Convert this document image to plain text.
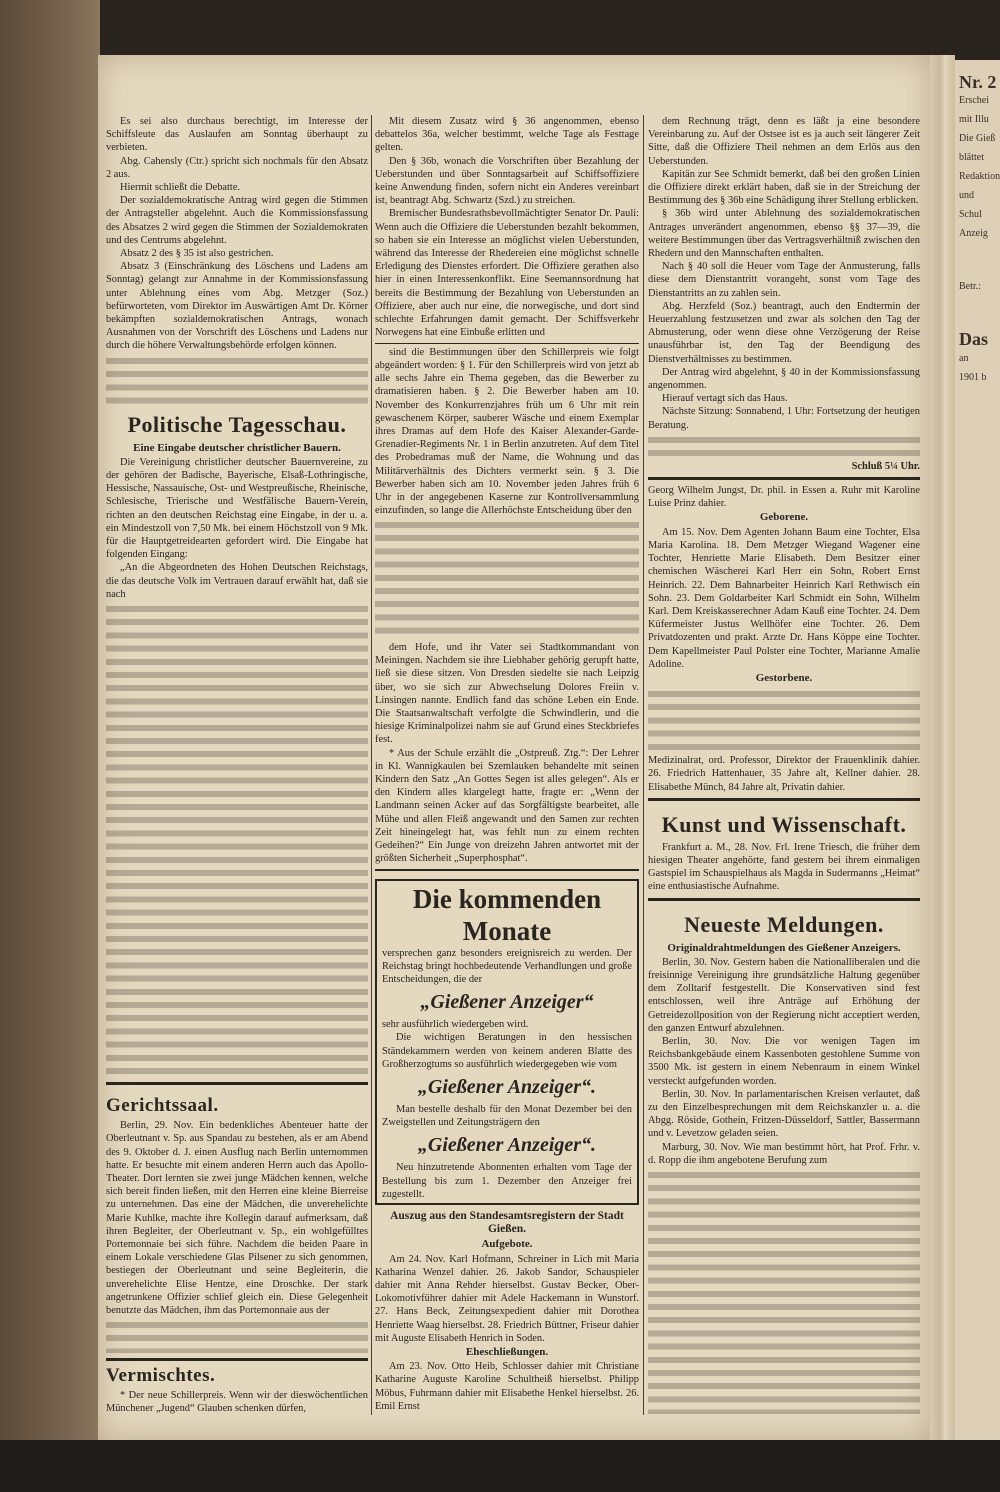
Nr. 2
Erschei
mit Illu
Die Gieß
blättet
Redaktion
und
Schul
Anzeig
Betr.:
Das
an
1901 b

Es sei also durchaus berechtigt, im Interesse der Schiffsleute das Auslaufen am Sonntag überhaupt zu verbieten.

Abg. Cahensly (Ctr.) spricht sich nochmals für den Absatz 2 aus.

Hiermit schließt die Debatte.

Der sozialdemokratische Antrag wird gegen die Stimmen der Antragsteller abgelehnt. Auch die Kommissionsfassung des Absatzes 2 wird gegen die Stimmen der Sozialdemokraten und des Centrums abgelehnt.

Absatz 2 des § 35 ist also gestrichen.

Absatz 3 (Einschränkung des Löschens und Ladens am Sonntag) gelangt zur Annahme in der Kommissionsfassung unter Ablehnung eines vom Abg. Metzger (Soz.) befürworteten, vom Direktor im Auswärtigen Amt Dr. Körner bekämpften sozialdemokratischen Antrags, wonach Ausnahmen von der Vorschrift des Löschens und Ladens nur durch die höhere Verwaltungsbehörde erfolgen können.

Politische Tagesschau.
Eine Eingabe deutscher christlicher Bauern.

Die Vereinigung christlicher deutscher Bauernvereine, zu der gehören der Badische, Bayerische, Elsaß-Lothringische, Hessische, Nassauische, Ost- und Westpreußische, Rheinische, Schlesische, Trierische und Westfälische Bauern-Verein, richten an den deutschen Reichstag eine Eingabe, in der u. a. ein Mindestzoll von 7,50 Mk. bei einem Höchstzoll von 9 Mk. für die Hauptgetreidearten gefordert wird. Die Eingabe hat folgenden Eingang:

„An die Abgeordneten des Hohen Deutschen Reichstags, die das deutsche Volk im Vertrauen darauf erwählt hat, daß sie nach

Gerichtssaal.

Berlin, 29. Nov. Ein bedenkliches Abenteuer hatte der Oberleutnant v. Sp. aus Spandau zu bestehen, als er am Abend des 9. Oktober d. J. einen Ausflug nach Berlin unternommen hatte. Er besuchte mit einem anderen Herrn auch das Apollo-Theater. Dort lernten sie zwei junge Mädchen kennen, welche sich bereit finden ließen, mit den Herren eine kleine Bierreise zu unternehmen. Das eine der Mädchen, die unverehelichte Marie Kuhlke, machte ihre Kollegin darauf aufmerksam, daß ihren Begleiter, der Oberleutnant v. Sp., ein wohlgefülltes Portemonnaie bei sich führe. Nachdem die beiden Paare in einem Lokale verschiedene Glas Pilsener zu sich genommen, bestiegen der Oberleutnant und seine Begleiterin, die unverehelichte Elise Hentze, eine Droschke. Der stark angetrunkene Offizier schlief gleich ein. Diese Gelegenheit benutzte das Mädchen, ihm das Portemonnaie aus der

Vermischtes.

* Der neue Schillerpreis. Wenn wir der dieswöchentlichen Münchener „Jugend“ Glauben schenken dürfen,

Mit diesem Zusatz wird § 36 angenommen, ebenso debattelos 36a, welcher bestimmt, welche Tage als Festtage gelten.

Den § 36b, wonach die Vorschriften über Bezahlung der Ueberstunden und über Sonntagsarbeit auf Schiffsoffiziere keine Anwendung finden, sofern nicht ein Anderes vereinbart ist, beantragt Abg. Schwartz (Szd.) zu streichen.

Bremischer Bundesrathsbevollmächtigter Senator Dr. Pauli: Wenn auch die Offiziere die Ueberstunden bezahlt bekommen, so haben sie ein Interesse an möglichst vielen Ueberstunden, während das Interesse der Rhedereien eine möglichst schnelle Erledigung des Dienstes erfordert. Die Offiziere gerathen also hier in einen Interessenkonflikt. Eine Seemannsordnung hat bereits die Bestimmung der Bezahlung von Ueberstunden an Offiziere, aber auch nur eine, die norwegische, und dort sind schlechte Erfahrungen damit gemacht. Der Schiffsverkehr Norwegens hat eine Einbuße erlitten und

sind die Bestimmungen über den Schillerpreis wie folgt abgeändert worden: § 1. Für den Schillerpreis wird von jetzt ab alle sechs Jahre ein Thema gegeben, das die Bewerber zu dramatisieren haben. § 2. Die Bewerber haben am 10. November des Konkurrenzjahres früh um 6 Uhr mit rein gewaschenem Körper, sauberer Wäsche und einem Exemplar ihres Dramas auf dem Hofe des Kaiser Alexander-Garde-Grenadier-Regiments Nr. 1 in Berlin anzutreten. Auf dem Titel des Probedramas muß der Name, die Wohnung und das Militärverhältnis des Dichters vermerkt sein. § 3. Die Bewerber haben sich am 10. November jeden Jahres früh 6 Uhr in der angegebenen Kaserne zur Kontrollversammlung einzufinden, so lange die Allerhöchste Entscheidung über den

dem Hofe, und ihr Vater sei Stadtkommandant von Meiningen. Nachdem sie ihre Liebhaber gehörig gerupft hatte, ließ sie diese sitzen. Von Dresden siedelte sie nach Leipzig über, wo sie sich zur Abwechselung Dolores Freiin v. Linsingen nannte. Endlich fand das schöne Leben ein Ende. Die Staatsanwaltschaft verfolgte die Schwindlerin, und die hiesige Kriminalpolizei nahm sie auf Grund eines Steckbriefes fest.

* Aus der Schule erzählt die „Ostpreuß. Ztg.“: Der Lehrer in Kl. Wannigkaulen bei Szemlauken behandelte mit seinen Kindern den Satz „An Gottes Segen ist alles gelegen“. Als er den Kindern alles klargelegt hatte, fragte er: „Wenn der Landmann seinen Acker auf das Sorgfältigste bearbeitet, alle Mühe und allen Fleiß angewandt und den Samen zur rechten Zeit hineingelegt hat, was fehlt nun zu einem rechten Gedeihen?“ Ein Junge von dreizehn Jahren antwortet mit der größten Sicherheit „Superphosphat“.

Die kommenden Monate
versprechen ganz besonders ereignisreich zu werden. Der Reichstag bringt hochbedeutende Verhandlungen und große Entscheidungen, die der
„Gießener Anzeiger“
sehr ausführlich wiedergeben wird.

Die wichtigen Beratungen in den hessischen Ständekammern werden von keinem anderen Blatte des Großherzogtums so ausführlich wiedergegeben wie vom

„Gießener Anzeiger“.

Man bestelle deshalb für den Monat Dezember bei den Zweigstellen und Zeitungsträgern den

„Gießener Anzeiger“.

Neu hinzutretende Abonnenten erhalten vom Tage der Bestellung bis zum 1. Dezember den Anzeiger frei zugestellt.

Auszug aus den Standesamtsregistern der Stadt Gießen.
Aufgebote.

Am 24. Nov. Karl Hofmann, Schreiner in Lich mit Maria Katharina Wenzel dahier. 26. Jakob Sandor, Schauspieler dahier mit Anna Rehder hierselbst. Gustav Becker, Ober-Lokomotivführer dahier mit Adele Hackemann in Wunstorf. 27. Hans Beck, Zeitungsexpedient dahier mit Dorothea Henriette Waag hierselbst. 28. Friedrich Büttner, Friseur dahier mit Auguste Elisabeth Henrich in Soden.

Eheschließungen.

Am 23. Nov. Otto Heib, Schlosser dahier mit Christiane Katharine Auguste Karoline Schultheiß hierselbst. Philipp Möbus, Fuhrmann dahier mit Elisabethe Henkel hierselbst. 26. Emil Ernst

dem Rechnung trägt, denn es läßt ja eine besondere Vereinbarung zu. Auf der Ostsee ist es ja auch seit längerer Zeit Sitte, daß die Offiziere Theil nehmen an dem Erlös aus den Ueberstunden.

Kapitän zur See Schmidt bemerkt, daß bei den großen Linien die Offiziere direkt erklärt haben, daß sie in der Streichung der Bestimmung des § 36b eine Schädigung ihrer Stellung erblicken.

§ 36b wird unter Ablehnung des sozialdemokratischen Antrages unverändert angenommen, ebenso §§ 37—39, die weitere Bestimmungen über das Vertragsverhältniß zwischen den Rhedern und den Mannschaften enthalten.

Nach § 40 soll die Heuer vom Tage der Anmusterung, falls diese dem Dienstantritt vorangeht, sonst vom Tage des Dienstantritts an zu zahlen sein.

Abg. Herzfeld (Soz.) beantragt, auch den Endtermin der Heuerzahlung festzusetzen und zwar als solchen den Tag der Abmusterung, oder wenn diese ohne Verzögerung der Reise unausführbar ist, den Tag der Beendigung des Dienstverhältnisses zu bestimmen.

Der Antrag wird abgelehnt, § 40 in der Kommissionsfassung angenommen.

Hierauf vertagt sich das Haus.

Nächste Sitzung: Sonnabend, 1 Uhr: Fortsetzung der heutigen Beratung.

Schluß 5¼ Uhr.
Georg Wilhelm Jungst, Dr. phil. in Essen a. Ruhr mit Karoline Luise Prinz dahier.
Geborene.

Am 15. Nov. Dem Agenten Johann Baum eine Tochter, Elsa Maria Karolina. 18. Dem Metzger Wiegand Wagener eine Tochter, Henriette Marie Elisabeth. Dem Besitzer einer chemischen Wäscherei Karl Herr ein Sohn, Robert Ernst Heinrich. 22. Dem Bahnarbeiter Heinrich Karl Rethwisch ein Sohn. 23. Dem Goldarbeiter Karl Schmidt ein Sohn, Wilhelm Karl. Dem Kreiskasserechner Adam Kauß eine Tochter. 24. Dem Küfermeister Justus Wellhöfer eine Tochter. 26. Dem Privatdozenten und prakt. Arzte Dr. Hans Köppe eine Tochter. Dem Kapellmeister Paul Polster eine Tochter, Marianne Amalie Adoline.

Gestorbene.
Medizinalrat, ord. Professor, Direktor der Frauenklinik dahier. 26. Friedrich Hattenhauer, 35 Jahre alt, Kellner dahier. 28. Elisabethe Münch, 84 Jahre alt, Privatin dahier.
Kunst und Wissenschaft.

Frankfurt a. M., 28. Nov. Frl. Irene Triesch, die früher dem hiesigen Theater angehörte, fand gestern bei ihrem einmaligen Gastspiel im Schauspielhaus als Magda in Sudermanns „Heimat“ eine enthusiastische Aufnahme.

Neueste Meldungen.
Originaldrahtmeldungen des Gießener Anzeigers.

Berlin, 30. Nov. Gestern haben die Nationalliberalen und die freisinnige Vereinigung ihre grundsätzliche Haltung gegenüber dem Zolltarif festgestellt. Die Konservativen sind fest entschlossen, weil ihre Anträge auf Erhöhung der Getreidezollposition von der Regierung nicht acceptiert werden, den ganzen Entwurf abzulehnen.

Berlin, 30. Nov. Die vor wenigen Tagen im Reichsbankgebäude einem Kassenboten gestohlene Summe von 3500 Mk. ist gestern in einem Nebenraum in einem Winkel versteckt aufgefunden worden.

Berlin, 30. Nov. In parlamentarischen Kreisen verlautet, daß zu den Einzelbesprechungen mit dem Reichskanzler u. a. die Abgg. Röside, Gothein, Fritzen-Düsseldorf, Sattler, Bassermann und v. Levetzow geladen seien.

Marburg, 30. Nov. Wie man bestimmt hört, hat Prof. Frhr. v. d. Ropp die ihm angebotene Berufung zum
